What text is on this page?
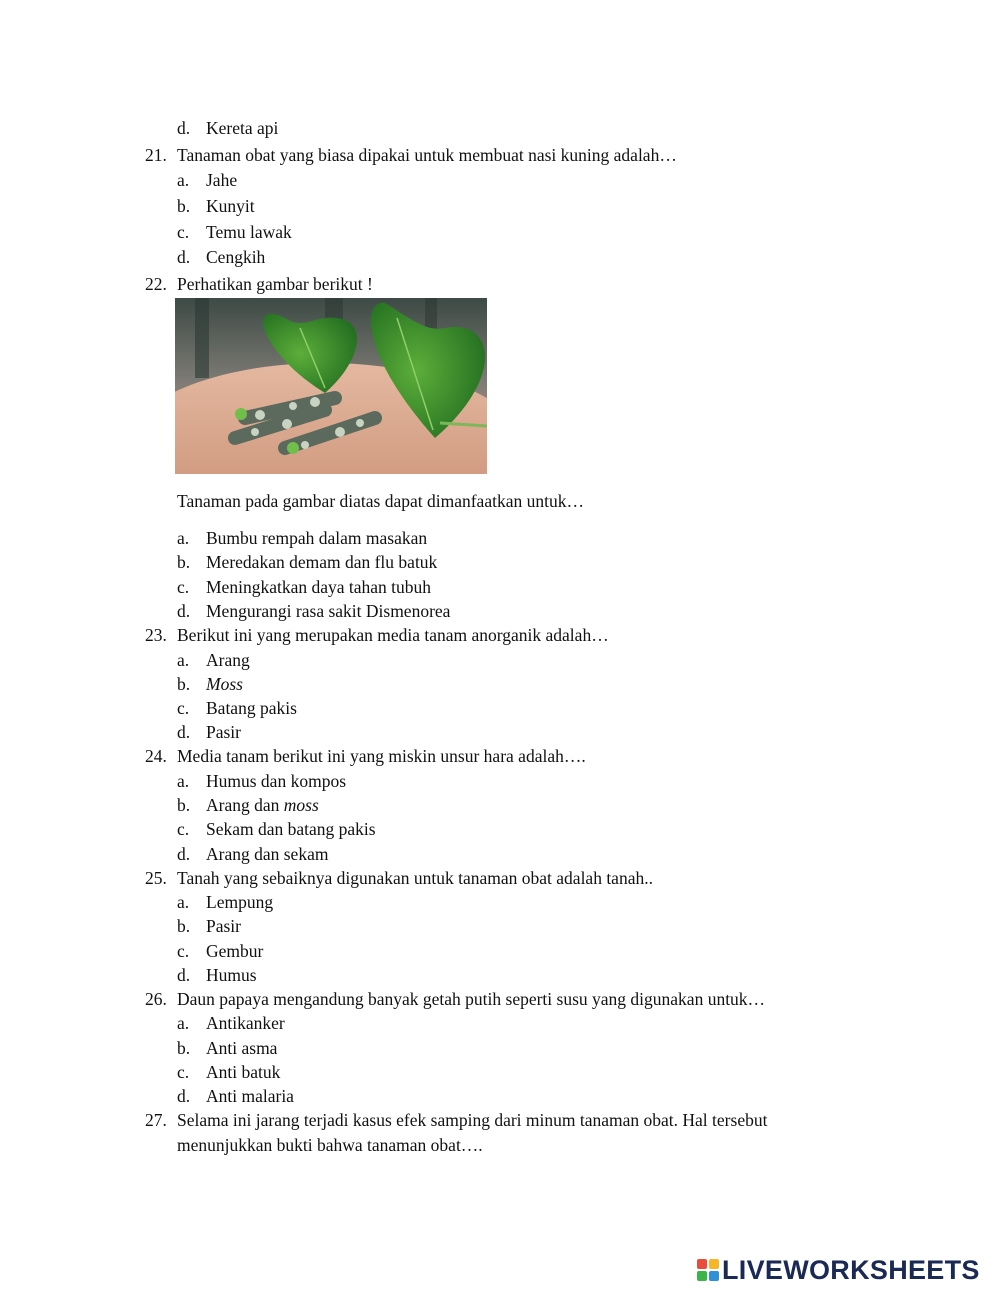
d. Kereta api
21. Tanaman obat yang biasa dipakai untuk membuat nasi kuning adalah…
a. Jahe
b. Kunyit
c. Temu lawak
d. Cengkih
22. Perhatikan gambar berikut !
Tanaman pada gambar diatas dapat dimanfaatkan untuk…
a. Bumbu rempah dalam masakan
b. Meredakan demam dan flu batuk
c. Meningkatkan daya tahan tubuh
d. Mengurangi rasa sakit Dismenorea
23. Berikut ini yang merupakan media tanam anorganik adalah…
a. Arang
b. Moss
c. Batang pakis
d. Pasir
24. Media tanam berikut ini yang miskin unsur hara adalah….
a. Humus dan kompos
b. Arang dan moss
c. Sekam dan batang pakis
d. Arang dan sekam
25. Tanah yang sebaiknya digunakan untuk tanaman obat adalah tanah..
a. Lempung
b. Pasir
c. Gembur
d. Humus
26. Daun papaya mengandung banyak getah putih seperti susu yang digunakan untuk…
a. Antikanker
b. Anti asma
c. Anti batuk
d. Anti malaria
27. Selama ini jarang terjadi kasus efek samping dari minum tanaman obat. Hal tersebut
menunjukkan bukti bahwa tanaman obat….
LIVEWORKSHEETS
